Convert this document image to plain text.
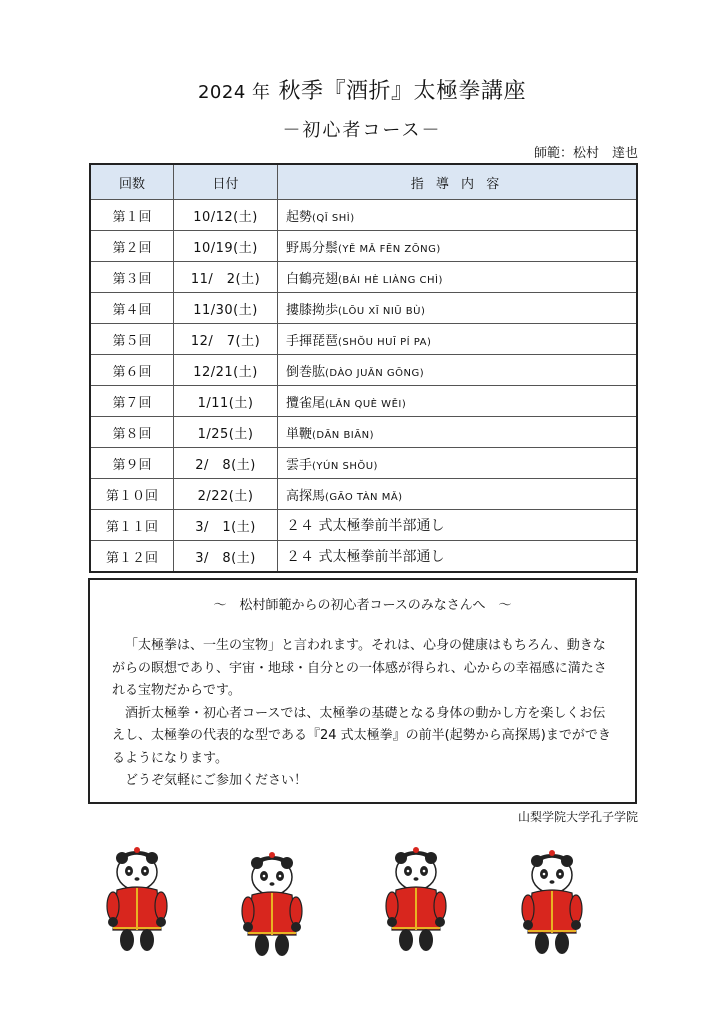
2024 年 秋季『酒折』太極拳講座
－初心者コース－
師範：松村　達也
回数	日付	指 導 内 容
第１回	10/12(土)	起勢(QǏ SHÌ)
第２回	10/19(土)	野馬分鬃(YĚ MǍ FĒN ZŌNG)
第３回	11/　2(土)	白鶴亮翅(BÁI HÈ LIÀNG CHÌ)
第４回	11/30(土)	摟膝拗歩(LŌU XĪ NIŪ BÙ)
第５回	12/　7(土)	手揮琵琶(SHŎU HUĪ PÍ PA)
第６回	12/21(土)	倒巻肱(DÀO JUǍN GŌNG)
第７回	1/11(土)	攬雀尾(LǍN QUÈ WĚI)
第８回	1/25(土)	単鞭(DĀN BIĀN)
第９回	2/　8(土)	雲手(YÚN SHŎU)
第１０回	2/22(土)	高探馬(GĀO TÀN MǍ)
第１１回	3/　1(土)	２４ 式太極拳前半部通し
第１２回	3/　8(土)	２４ 式太極拳前半部通し
～　松村師範からの初心者コースのみなさんへ　～

「太極拳は、一生の宝物」と言われます。それは、心身の健康はもちろん、動きながらの瞑想であり、宇宙・地球・自分との一体感が得られ、心からの幸福感に満たされる宝物だからです。

酒折太極拳・初心者コースでは、太極拳の基礎となる身体の動かし方を楽しくお伝えし、太極拳の代表的な型である『24 式太極拳』の前半(起勢から高探馬)までができるようになります。

どうぞ気軽にご参加ください！

山梨学院大学孔子学院
